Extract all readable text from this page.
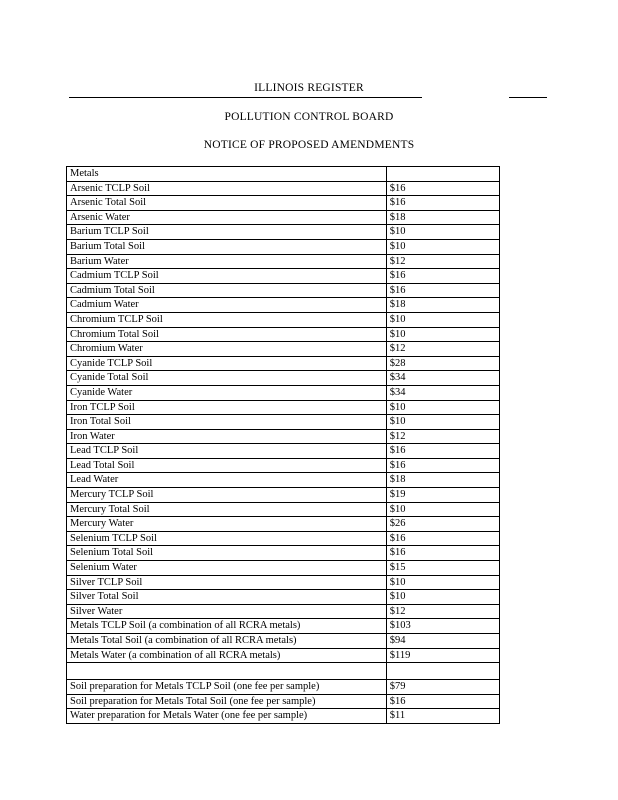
ILLINOIS REGISTER
POLLUTION CONTROL BOARD
NOTICE OF PROPOSED AMENDMENTS
Metals	
Arsenic TCLP Soil	$16
Arsenic Total Soil	$16
Arsenic Water	$18
Barium TCLP Soil	$10
Barium Total Soil	$10
Barium Water	$12
Cadmium TCLP Soil	$16
Cadmium Total Soil	$16
Cadmium Water	$18
Chromium TCLP Soil	$10
Chromium Total Soil	$10
Chromium Water	$12
Cyanide TCLP Soil	$28
Cyanide Total Soil	$34
Cyanide Water	$34
Iron TCLP Soil	$10
Iron Total Soil	$10
Iron Water	$12
Lead TCLP Soil	$16
Lead Total Soil	$16
Lead Water	$18
Mercury TCLP Soil	$19
Mercury Total Soil	$10
Mercury Water	$26
Selenium TCLP Soil	$16
Selenium Total Soil	$16
Selenium Water	$15
Silver TCLP Soil	$10
Silver Total Soil	$10
Silver Water	$12
Metals TCLP Soil (a combination of all RCRA metals)	$103
Metals Total Soil (a combination of all RCRA metals)	$94
Metals Water (a combination of all RCRA metals)	$119

Soil preparation for Metals TCLP Soil (one fee per sample)	$79
Soil preparation for Metals Total Soil (one fee per sample)	$16
Water preparation for Metals Water (one fee per sample)	$11
